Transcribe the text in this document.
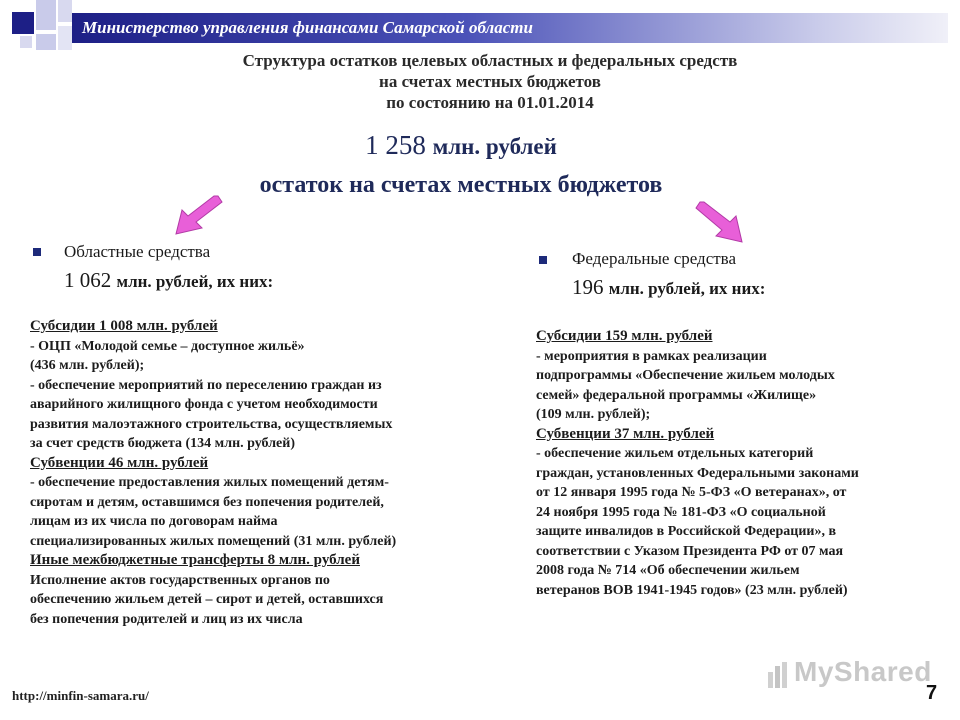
Министерство управления финансами Самарской области
Структура остатков целевых областных и федеральных средств
на счетах местных бюджетов
по состоянию на 01.01.2014
1 258 млн. рублей
остаток на счетах местных бюджетов
Областные средства
1 062 млн. рублей, их них:
Федеральные средства
196 млн. рублей, их них:
Субсидии 1 008 млн. рублей
- ОЦП «Молодой семье – доступное жильё»
(436 млн. рублей);
- обеспечение мероприятий по переселению граждан из
аварийного жилищного фонда с учетом необходимости
развития малоэтажного строительства, осуществляемых
за счет средств бюджета (134 млн. рублей)
Субвенции 46 млн. рублей
- обеспечение предоставления жилых помещений детям-
сиротам и детям, оставшимся без попечения родителей,
лицам из их числа по договорам найма
специализированных жилых помещений (31 млн. рублей)
Иные межбюджетные трансферты 8 млн. рублей
Исполнение актов государственных органов по
обеспечению жильем детей – сирот и детей, оставшихся
без попечения родителей и лиц из их числа
Субсидии 159 млн. рублей
- мероприятия в рамках реализации
подпрограммы «Обеспечение жильем молодых
семей» федеральной программы «Жилище»
(109 млн. рублей);
Субвенции 37 млн. рублей
- обеспечение жильем отдельных категорий
граждан, установленных Федеральными законами
от 12 января 1995 года № 5-ФЗ «О ветеранах», от
24 ноября 1995 года № 181-ФЗ «О социальной
защите инвалидов в Российской Федерации», в
соответствии с Указом Президента РФ от 07 мая
2008 года № 714 «Об обеспечении жильем
ветеранов ВОВ 1941-1945 годов» (23 млн. рублей)
http://minfin-samara.ru/
MyShared
7
